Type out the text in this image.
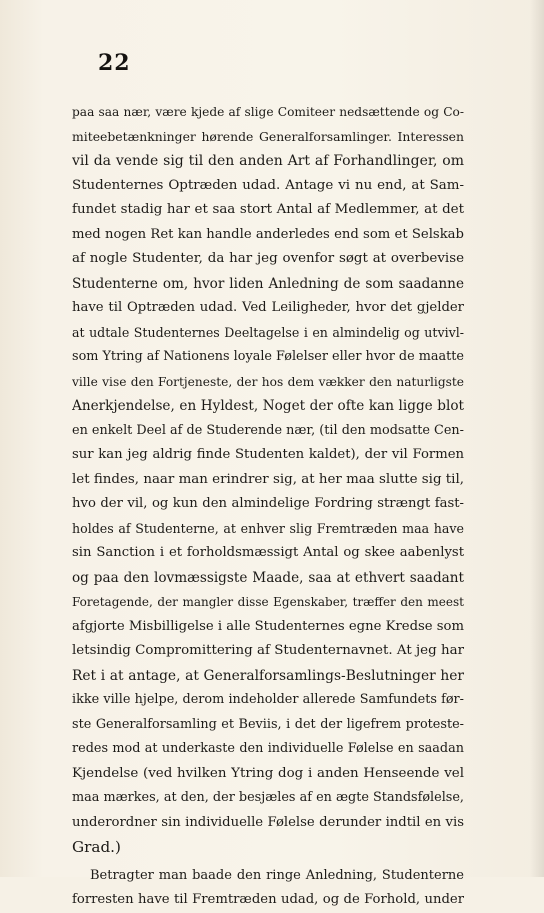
22
paa saa nær, være kjede af slige Comiteer nedsættende og Co-
miteebetænkninger hørende Generalforsamlinger. Interessen
vil da vende sig til den anden Art af Forhandlinger, om
Studenternes Optræden udad. Antage vi nu end, at Sam-
fundet stadig har et saa stort Antal af Medlemmer, at det
med nogen Ret kan handle anderledes end som et Selskab
af nogle Studenter, da har jeg ovenfor søgt at overbevise
Studenterne om, hvor liden Anledning de som saadanne
have til Optræden udad. Ved Leiligheder, hvor det gjelder
at udtale Studenternes Deeltagelse i en almindelig og utvivl-
som Ytring af Nationens loyale Følelser eller hvor de maatte
ville vise den Fortjeneste, der hos dem vækker den naturligste
Anerkjendelse, en Hyldest, Noget der ofte kan ligge blot
en enkelt Deel af de Studerende nær, (til den modsatte Cen-
sur kan jeg aldrig finde Studenten kaldet), der vil Formen
let findes, naar man erindrer sig, at her maa slutte sig til,
hvo der vil, og kun den almindelige Fordring strængt fast-
holdes af Studenterne, at enhver slig Fremtræden maa have
sin Sanction i et forholdsmæssigt Antal og skee aabenlyst
og paa den lovmæssigste Maade, saa at ethvert saadant
Foretagende, der mangler disse Egenskaber, træffer den meest
afgjorte Misbilligelse i alle Studenternes egne Kredse som
letsindig Compromittering af Studenternavnet. At jeg har
Ret i at antage, at Generalforsamlings-Beslutninger her
ikke ville hjelpe, derom indeholder allerede Samfundets før-
ste Generalforsamling et Beviis, i det der ligefrem proteste-
redes mod at underkaste den individuelle Følelse en saadan
Kjendelse (ved hvilken Ytring dog i anden Henseende vel
maa mærkes, at den, der besjæles af en ægte Standsfølelse,
underordner sin individuelle Følelse derunder indtil en vis
Grad.)
Betragter man baade den ringe Anledning, Studenterne
forresten have til Fremtræden udad, og de Forhold, under
